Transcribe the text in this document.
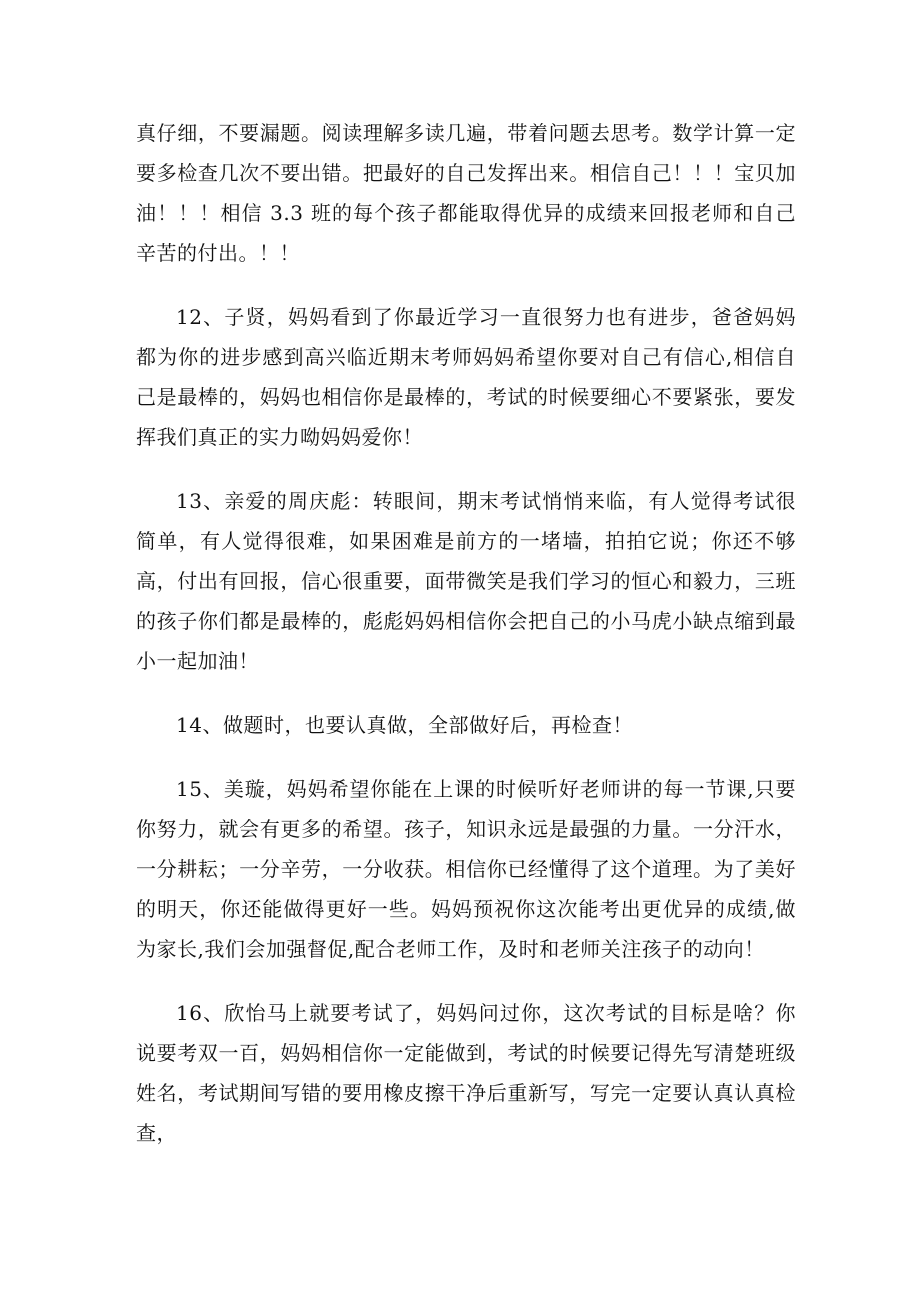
真仔细，不要漏题。阅读理解多读几遍，带着问题去思考。数学计算一定要多检查几次不要出错。把最好的自己发挥出来。相信自己！！！宝贝加油！！！相信 3.3 班的每个孩子都能取得优异的成绩来回报老师和自己辛苦的付出。！！

12、子贤，妈妈看到了你最近学习一直很努力也有进步，爸爸妈妈都为你的进步感到高兴临近期末考师妈妈希望你要对自己有信心,相信自己是最棒的，妈妈也相信你是最棒的，考试的时候要细心不要紧张，要发挥我们真正的实力呦妈妈爱你！

13、亲爱的周庆彪：转眼间，期末考试悄悄来临，有人觉得考试很简单，有人觉得很难，如果困难是前方的一堵墙，拍拍它说；你还不够高，付出有回报，信心很重要，面带微笑是我们学习的恒心和毅力，三班的孩子你们都是最棒的，彪彪妈妈相信你会把自己的小马虎小缺点缩到最小一起加油！

14、做题时，也要认真做，全部做好后，再检查！

15、美璇，妈妈希望你能在上课的时候听好老师讲的每一节课,只要你努力，就会有更多的希望。孩子，知识永远是最强的力量。一分汗水，一分耕耘；一分辛劳，一分收获。相信你已经懂得了这个道理。为了美好的明天，你还能做得更好一些。妈妈预祝你这次能考出更优异的成绩,做为家长,我们会加强督促,配合老师工作，及时和老师关注孩子的动向！

16、欣怡马上就要考试了，妈妈问过你，这次考试的目标是啥？你说要考双一百，妈妈相信你一定能做到，考试的时候要记得先写清楚班级姓名，考试期间写错的要用橡皮擦干净后重新写，写完一定要认真认真检查，
